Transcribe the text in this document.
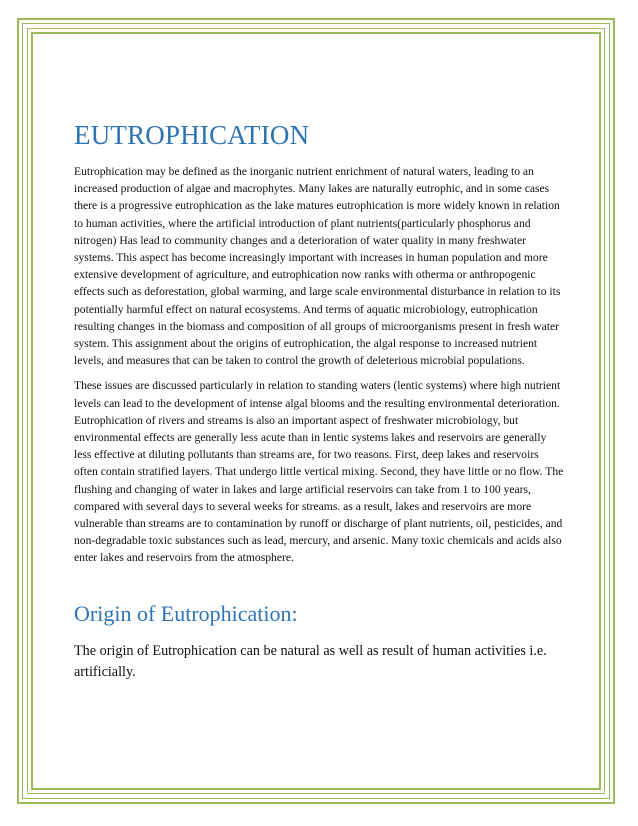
EUTROPHICATION

Eutrophication may be defined as the inorganic nutrient enrichment of natural waters, leading to an increased production of algae and macrophytes. Many lakes are naturally eutrophic, and in some cases there is a progressive eutrophication as the lake matures eutrophication is more widely known in relation to human activities, where the artificial introduction of plant nutrients(particularly phosphorus and nitrogen) Has lead to community changes and a deterioration of water quality in many freshwater systems. This aspect has become increasingly important with increases in human population and more extensive development of agriculture, and eutrophication now ranks with otherma or anthropogenic effects such as deforestation, global warming, and large scale environmental disturbance in relation to its potentially harmful effect on natural ecosystems. And terms of aquatic microbiology, eutrophication resulting changes in the biomass and composition of all groups of microorganisms present in fresh water system. This assignment about the origins of eutrophication, the algal response to increased nutrient levels, and measures that can be taken to control the growth of deleterious microbial populations.

These issues are discussed particularly in relation to standing waters (lentic systems) where high nutrient levels can lead to the development of intense algal blooms and the resulting environmental deterioration. Eutrophication of rivers and streams is also an important aspect of freshwater microbiology, but environmental effects are generally less acute than in lentic systems lakes and reservoirs are generally less effective at diluting pollutants than streams are, for two reasons. First, deep lakes and reservoirs often contain stratified layers. That undergo little vertical mixing. Second, they have little or no flow. The flushing and changing of water in lakes and large artificial reservoirs can take from 1 to 100 years, compared with several days to several weeks for streams. as a result, lakes and reservoirs are more vulnerable than streams are to contamination by runoff or discharge of plant nutrients, oil, pesticides, and non-degradable toxic substances such as lead, mercury, and arsenic. Many toxic chemicals and acids also enter lakes and reservoirs from the atmosphere.

Origin of Eutrophication:

The origin of Eutrophication can be natural as well as result of human activities i.e. artificially.
